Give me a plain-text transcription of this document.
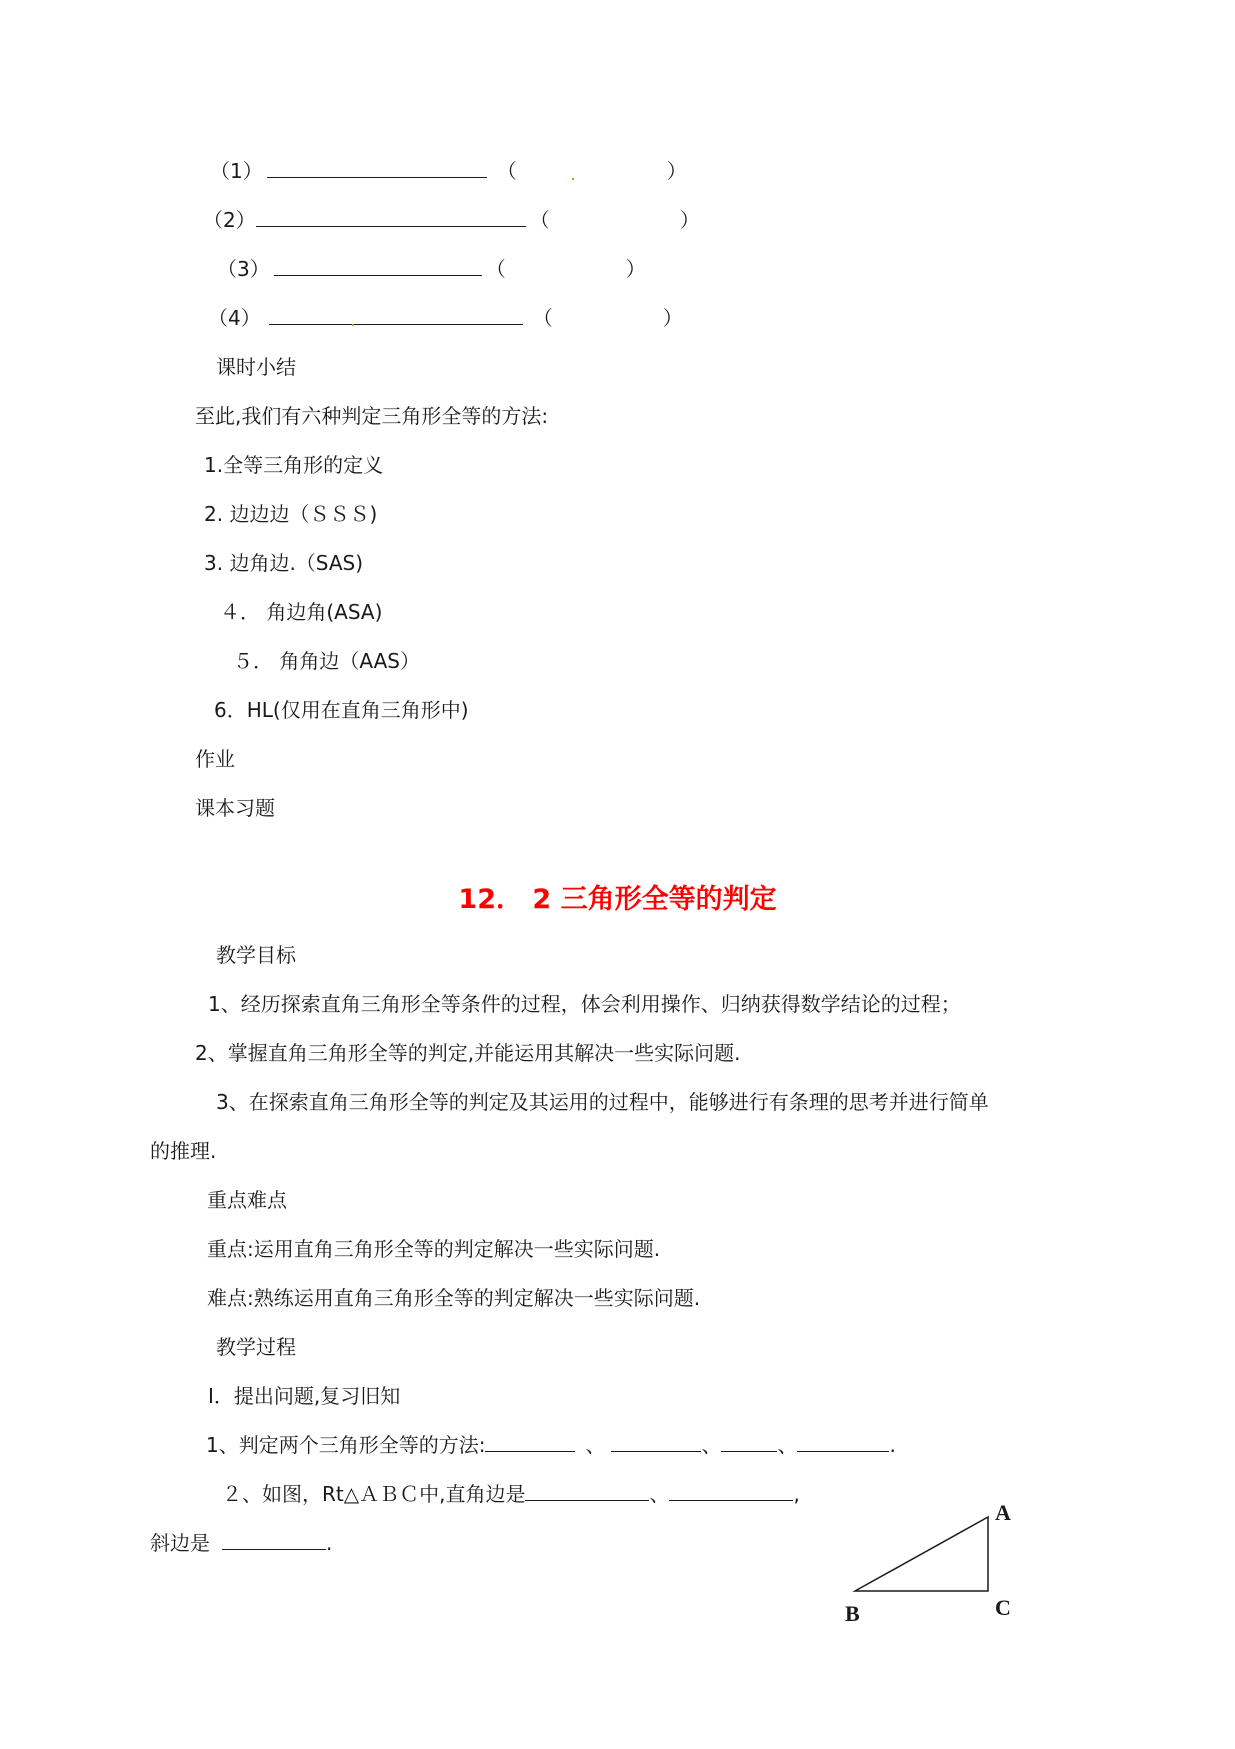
（1）	（	）
（2）	（	）
（3）	（	）
（4）	（	）
课时小结
至此,我们有六种判定三角形全等的方法:
1.全等三角形的定义
2. 边边边（ＳＳＳ)
3. 边角边.（SAS)
４． 角边角(ASA)
５． 角角边（AAS）
6．HL(仅用在直角三角形中)
作业
课本习题
12． 2 三角形全等的判定
教学目标
1、经历探索直角三角形全等条件的过程，体会利用操作、归纳获得数学结论的过程；
2、掌握直角三角形全等的判定,并能运用其解决一些实际问题.
3、在探索直角三角形全等的判定及其运用的过程中，能够进行有条理的思考并进行简单
的推理.
重点难点
重点:运用直角三角形全等的判定解决一些实际问题.
难点:熟练运用直角三角形全等的判定解决一些实际问题.
教学过程
Ⅰ．提出问题,复习旧知
1、判定两个三角形全等的方法:	、	、	、	.
２、如图，Rt△ＡＢＣ中,直角边是	、	,
斜边是	.
A
B	C
